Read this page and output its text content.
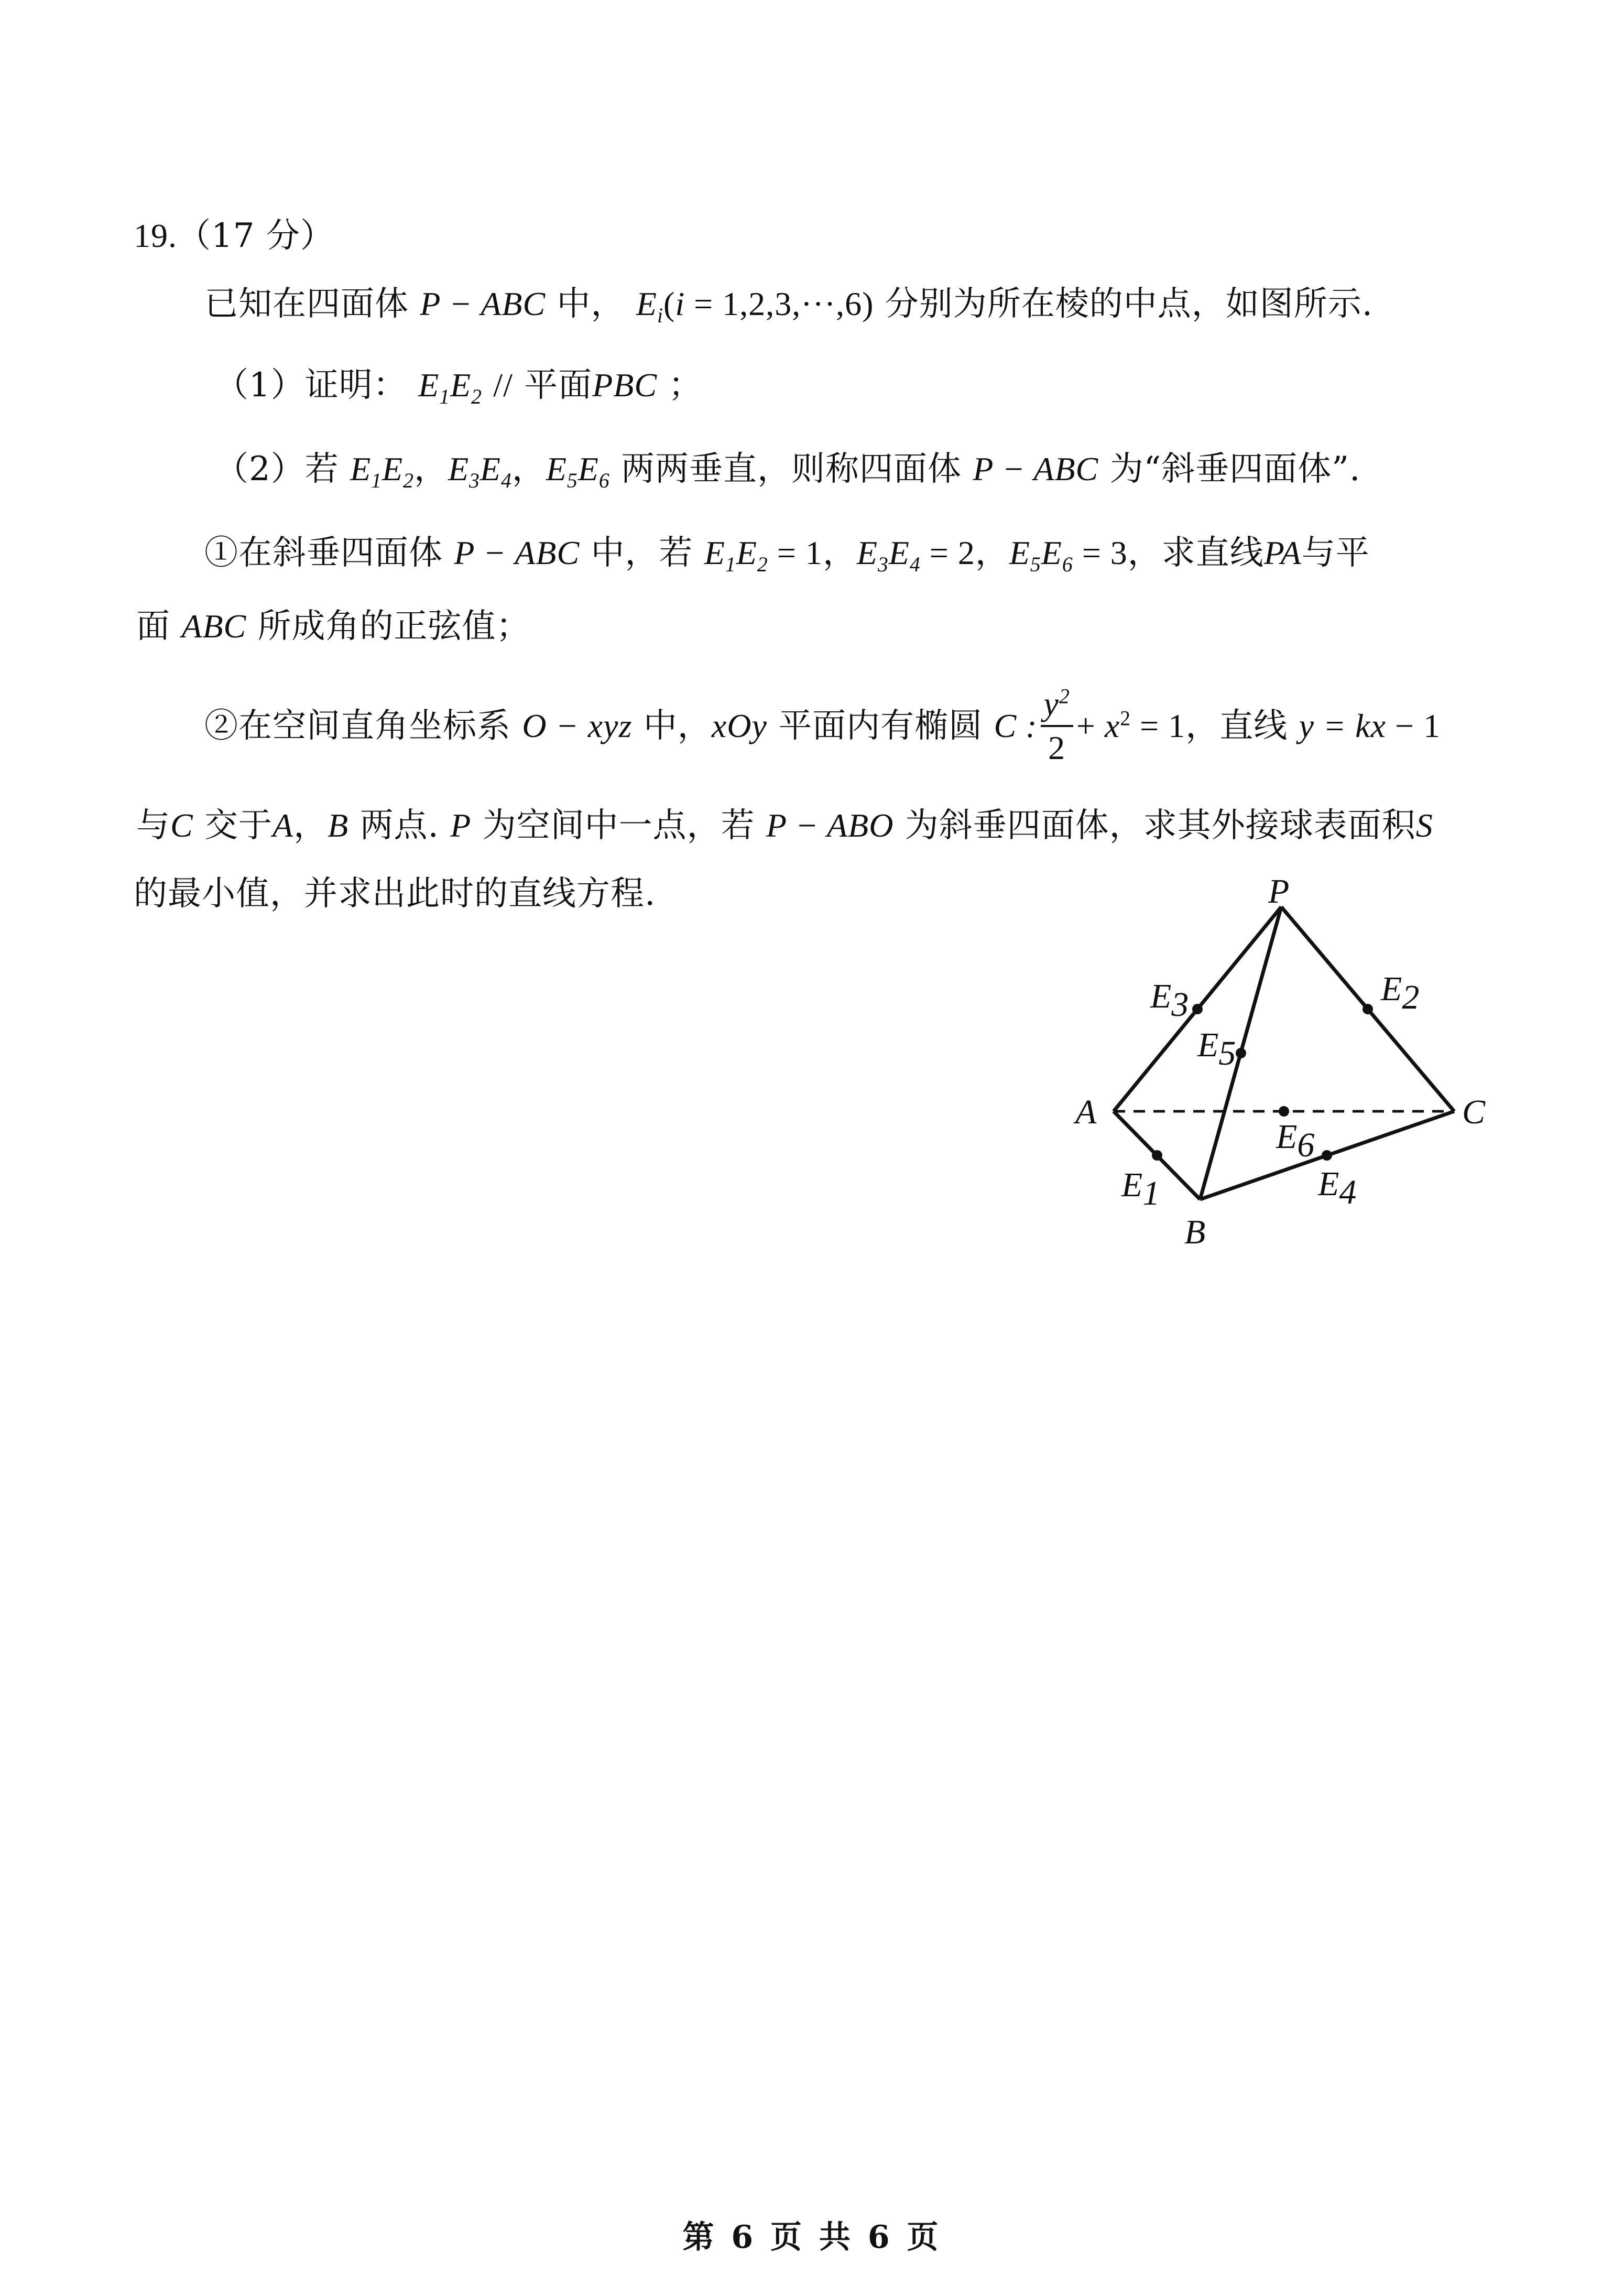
19.（17 分）
已知在四面体 P − ABC 中， $E_i(i = 1,2,3,\cdot\cdot\cdot,6)$ 分别为所在棱的中点，如图所示.
（1）证明： $E_1E_2$ // 平面PBC ；
（2）若 $E_1E_2$，$E_3E_4$，$E_5E_6$ 两两垂直，则称四面体 P − ABC 为“斜垂四面体”.
①在斜垂四面体 P − ABC 中，若 $E_1E_2 = 1$，$E_3E_4 = 2$，$E_5E_6 = 3$，求直线PA与平
面 ABC 所成角的正弦值；
②在空间直角坐标系 O − xyz 中，xOy 平面内有椭圆 C : $\frac{y^2}{2} + x^2 = 1$，直线 y = kx − 1
与C 交于A，B 两点. P 为空间中一点，若 P − ABO 为斜垂四面体，求其外接球表面积S
的最小值，并求出此时的直线方程.	P
A
B
C
E1
E2
E3
E4
E5
E6
第 6 页 共 6 页
